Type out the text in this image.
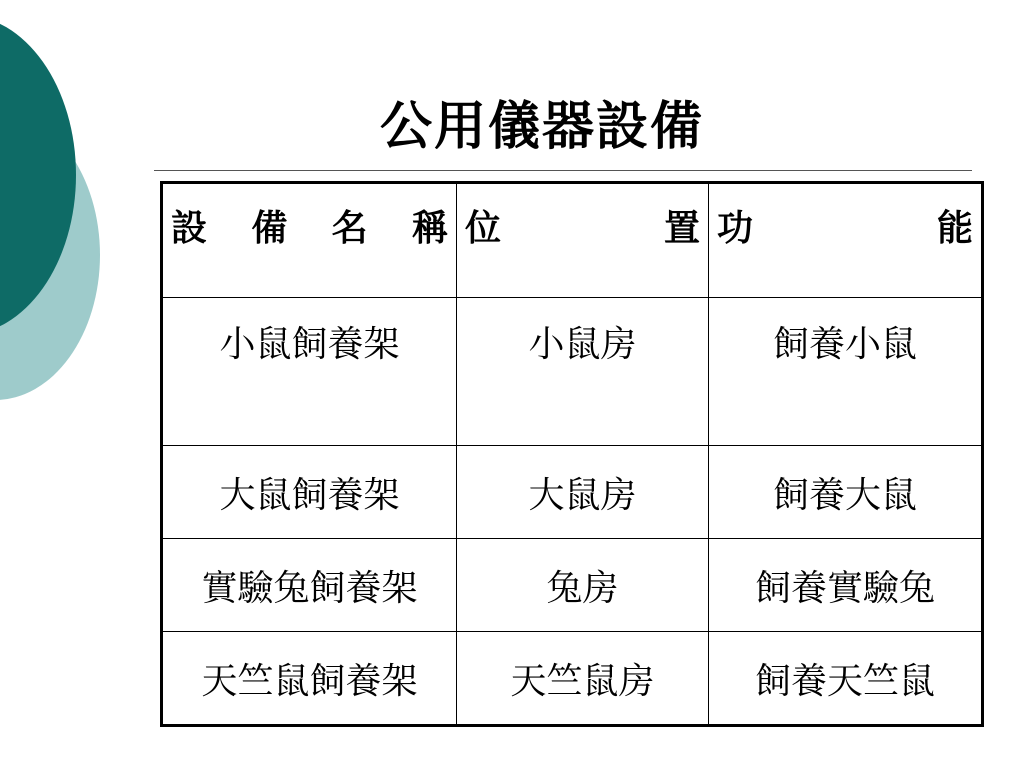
公用儀器設備
設 備 名 稱	位　置	功　能
小鼠飼養架	小鼠房	飼養小鼠
大鼠飼養架	大鼠房	飼養大鼠
實驗兔飼養架	兔房	飼養實驗兔
天竺鼠飼養架	天竺鼠房	飼養天竺鼠
